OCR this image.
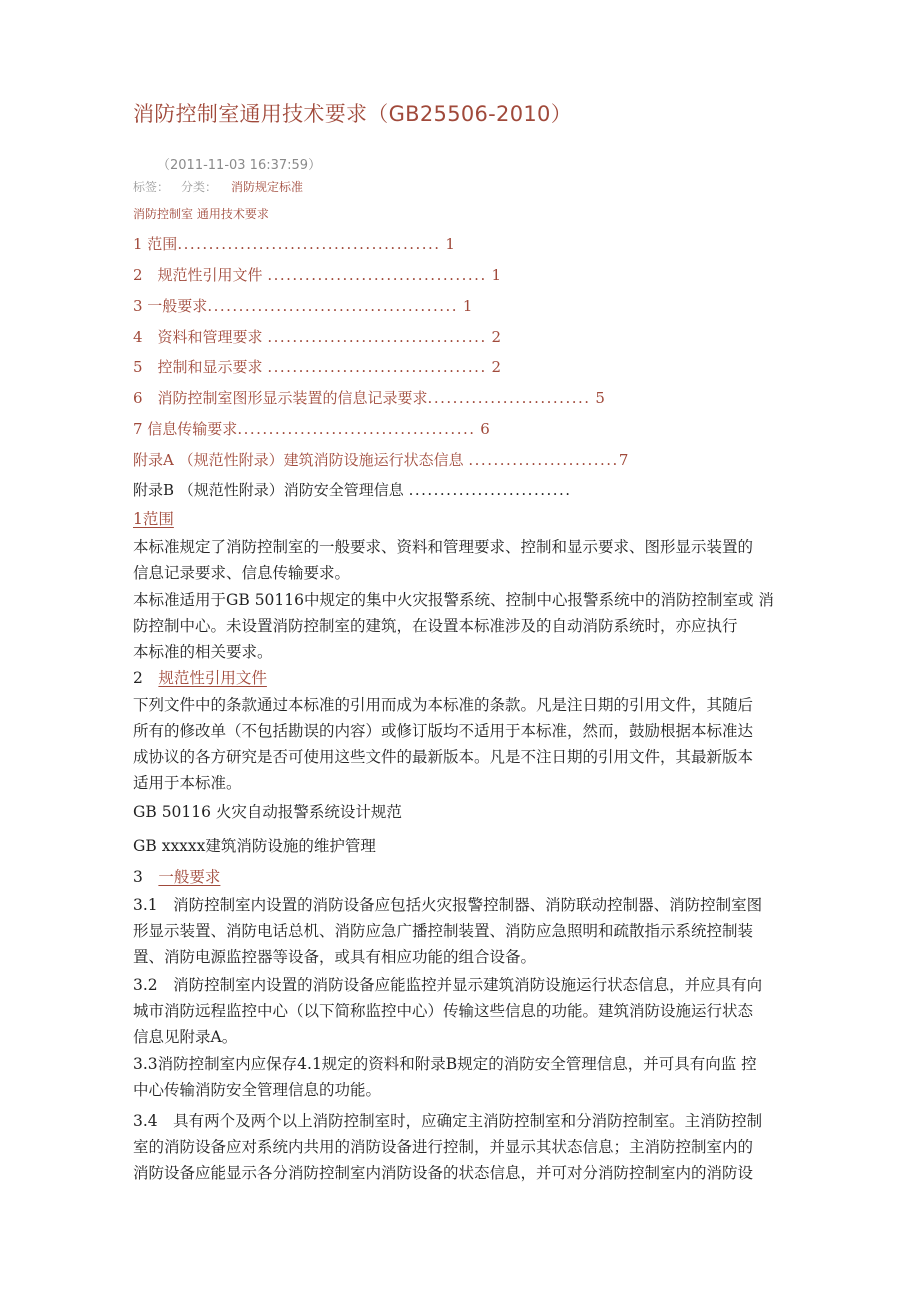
消防控制室通用技术要求（GB25506-2010）
（2011-11-03 16:37:59）
标签： 分类： 消防规定标准
消防控制室 通用技术要求
1 范围.......................................... 1
2　规范性引用文件 ................................... 1
3 一般要求........................................ 1
4　资料和管理要求 ................................... 2
5　控制和显示要求 ................................... 2
6　消防控制室图形显示装置的信息记录要求.......................... 5
7 信息传输要求...................................... 6
附录A （规范性附录）建筑消防设施运行状态信息 ........................7
附录B （规范性附录）消防安全管理信息 ..........................
1范围
本标准规定了消防控制室的一般要求、资料和管理要求、控制和显示要求、图形显示装置的
信息记录要求、信息传输要求。
本标准适用于GB 50116中规定的集中火灾报警系统、控制中心报警系统中的消防控制室或 消
防控制中心。未设置消防控制室的建筑，在设置本标准涉及的自动消防系统时，亦应执行
本标准的相关要求。
2　 规范性引用文件
下列文件中的条款通过本标准的引用而成为本标准的条款。凡是注日期的引用文件，其随后
所有的修改单（不包括勘误的内容）或修订版均不适用于本标准，然而，鼓励根据本标准达
成协议的各方研究是否可使用这些文件的最新版本。凡是不注日期的引用文件，其最新版本
适用于本标准。
GB 50116 火灾自动报警系统设计规范
GB xxxxx建筑消防设施的维护管理
3　 一般要求
3.1　消防控制室内设置的消防设备应包括火灾报警控制器、消防联动控制器、消防控制室图
形显示装置、消防电话总机、消防应急广播控制装置、消防应急照明和疏散指示系统控制装
置、消防电源监控器等设备，或具有相应功能的组合设备。
3.2　消防控制室内设置的消防设备应能监控并显示建筑消防设施运行状态信息，并应具有向
城市消防远程监控中心（以下简称监控中心）传输这些信息的功能。建筑消防设施运行状态
信息见附录A。
3.3消防控制室内应保存4.1规定的资料和附录B规定的消防安全管理信息，并可具有向监 控
中心传输消防安全管理信息的功能。
3.4　具有两个及两个以上消防控制室时，应确定主消防控制室和分消防控制室。主消防控制
室的消防设备应对系统内共用的消防设备进行控制，并显示其状态信息；主消防控制室内的
消防设备应能显示各分消防控制室内消防设备的状态信息，并可对分消防控制室内的消防设
